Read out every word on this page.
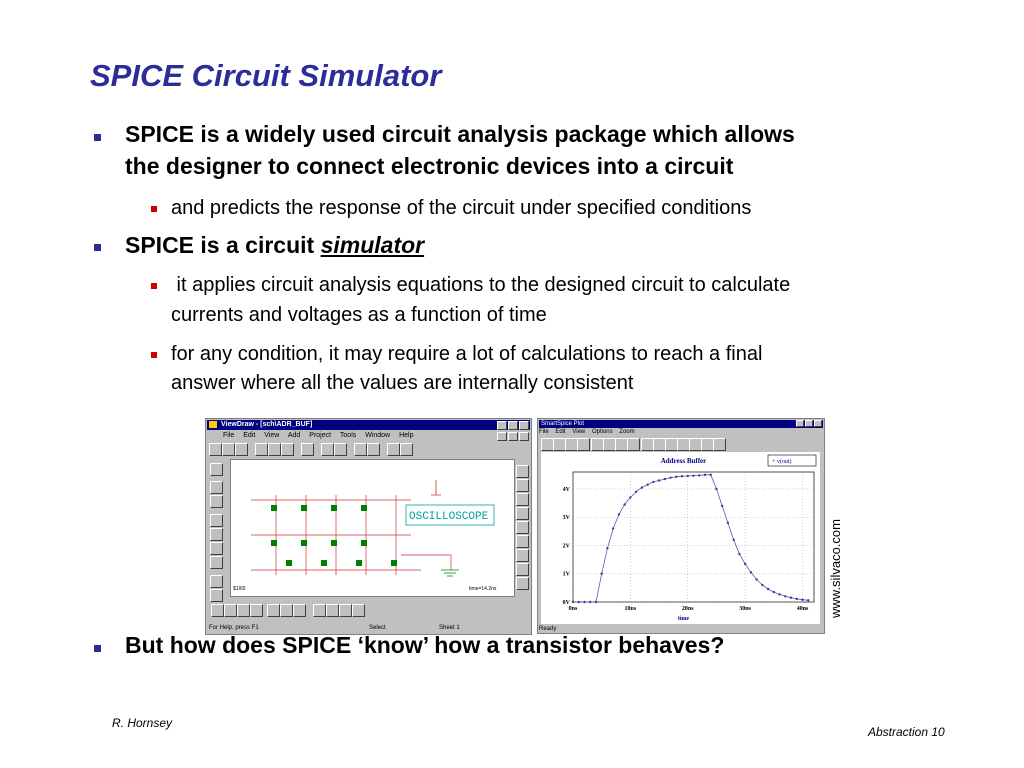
SPICE Circuit Simulator
SPICE is a widely used circuit analysis package which allows
the designer to connect electronic devices into a circuit
and predicts the response of the circuit under specified conditions
SPICE is a circuit simulator
it applies circuit analysis equations to the designed circuit to calculate
currents and voltages as a function of time
for any condition, it may require a lot of calculations to reach a final
answer where all the values are internally consistent
ViewDraw - [sch\ADR_BUF]
File Edit View Add Project Tools Window Help
OSCILLOSCOPE
$1I65	time=14.2ns
For Help, press F1	Select	Sheet 1
SmartSpice Plot
File Edit View Options Zoom
Address Buffer	+ v(out)
0ns	10ns	20ns	30ns	40ns
0V
1V
2V
3V
4V
time
Ready
www.silvaco.com
But how does SPICE ‘know’ how a transistor behaves?
R. Hornsey
Abstraction 10
